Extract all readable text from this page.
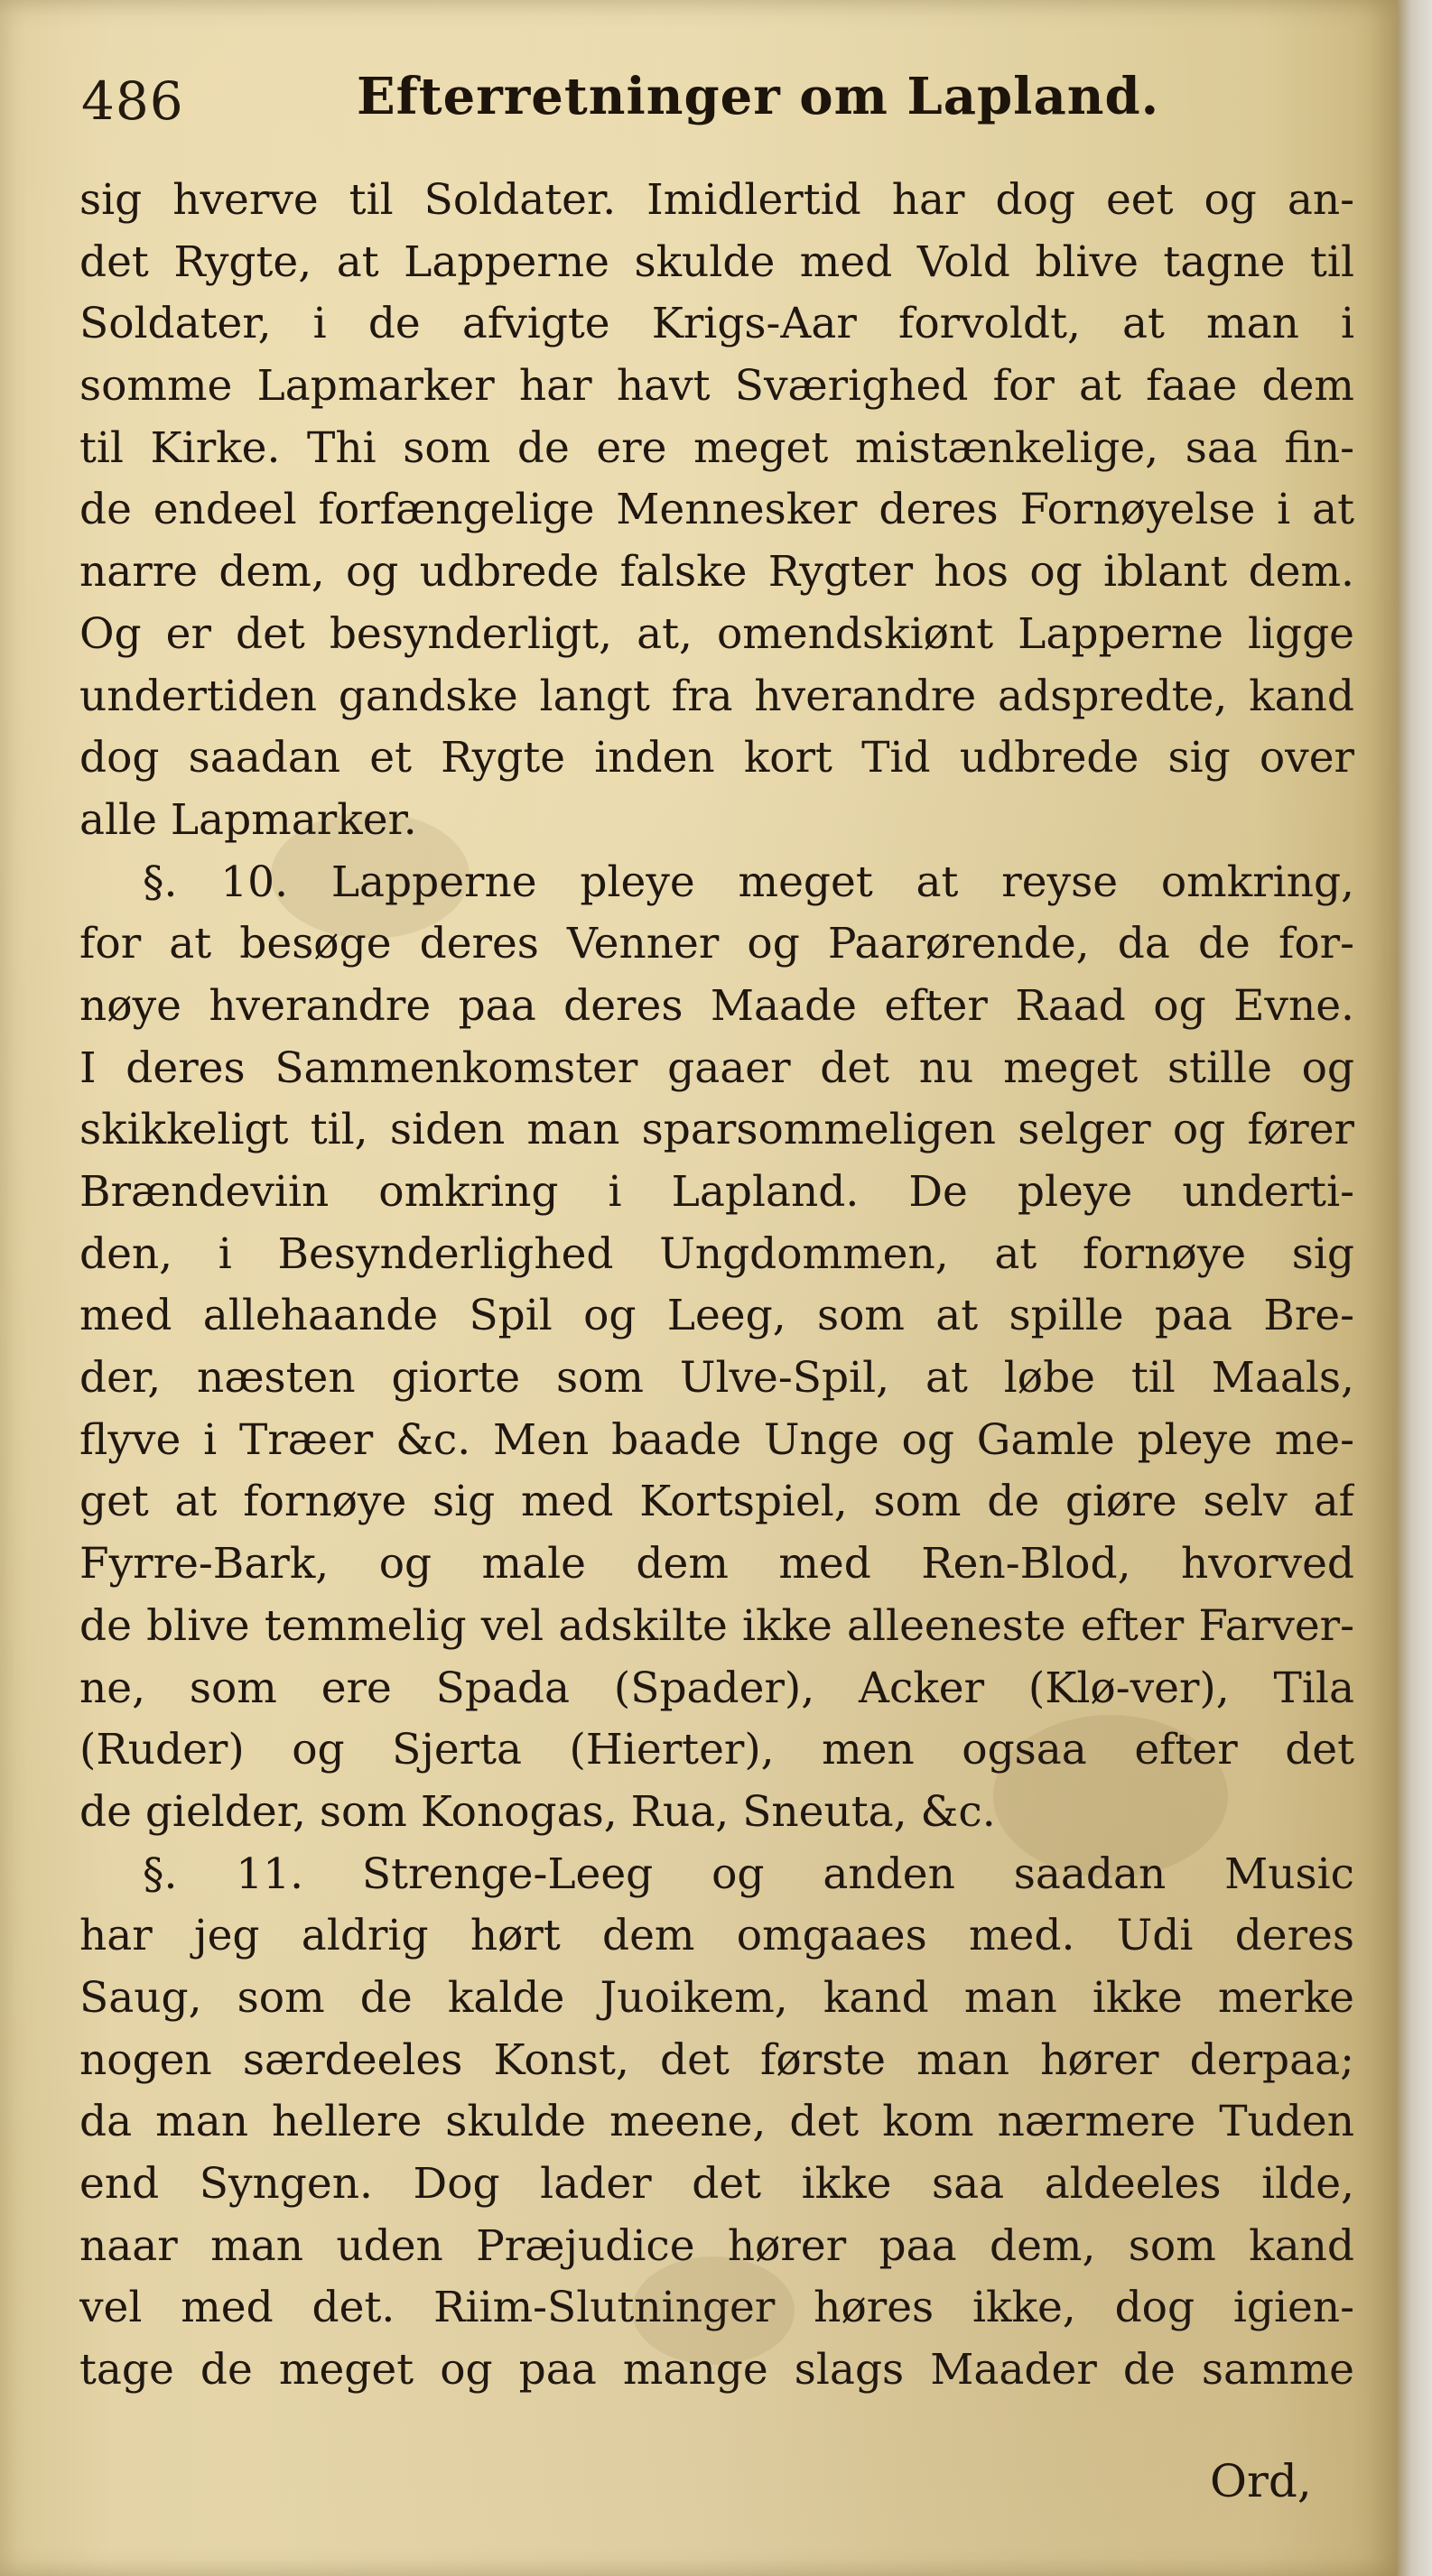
486	Efterretninger om Lapland.
sig hverve til Soldater. Imidlertid har dog eet og an-
det Rygte, at Lapperne skulde med Vold blive tagne til
Soldater, i de afvigte Krigs-Aar forvoldt, at man i
somme Lapmarker har havt Sværighed for at faae dem
til Kirke. Thi som de ere meget mistænkelige, saa fin-
de endeel forfængelige Mennesker deres Fornøyelse i at
narre dem, og udbrede falske Rygter hos og iblant dem.
Og er det besynderligt, at, omendskiønt Lapperne ligge
undertiden gandske langt fra hverandre adspredte, kand
dog saadan et Rygte inden kort Tid udbrede sig over
alle Lapmarker.
§. 10. Lapperne pleye meget at reyse omkring,
for at besøge deres Venner og Paarørende, da de for-
nøye hverandre paa deres Maade efter Raad og Evne.
I deres Sammenkomster gaaer det nu meget stille og
skikkeligt til, siden man sparsommeligen selger og fører
Brændeviin omkring i Lapland. De pleye underti-
den, i Besynderlighed Ungdommen, at fornøye sig
med allehaande Spil og Leeg, som at spille paa Bre-
der, næsten giorte som Ulve-Spil, at løbe til Maals,
flyve i Træer &c. Men baade Unge og Gamle pleye me-
get at fornøye sig med Kortspiel, som de giøre selv af
Fyrre-Bark, og male dem med Ren-Blod, hvorved
de blive temmelig vel adskilte ikke alleeneste efter Farver-
ne, som ere Spada (Spader), Acker (Klø-ver), Tila
(Ruder) og Sjerta (Hierter), men ogsaa efter det
de gielder, som Konogas, Rua, Sneuta, &c.
§. 11. Strenge-Leeg og anden saadan Music
har jeg aldrig hørt dem omgaaes med. Udi deres
Saug, som de kalde Juoikem, kand man ikke merke
nogen særdeeles Konst, det første man hører derpaa;
da man hellere skulde meene, det kom nærmere Tuden
end Syngen. Dog lader det ikke saa aldeeles ilde,
naar man uden Præjudice hører paa dem, som kand
vel med det. Riim-Slutninger høres ikke, dog igien-
tage de meget og paa mange slags Maader de samme
Ord,
